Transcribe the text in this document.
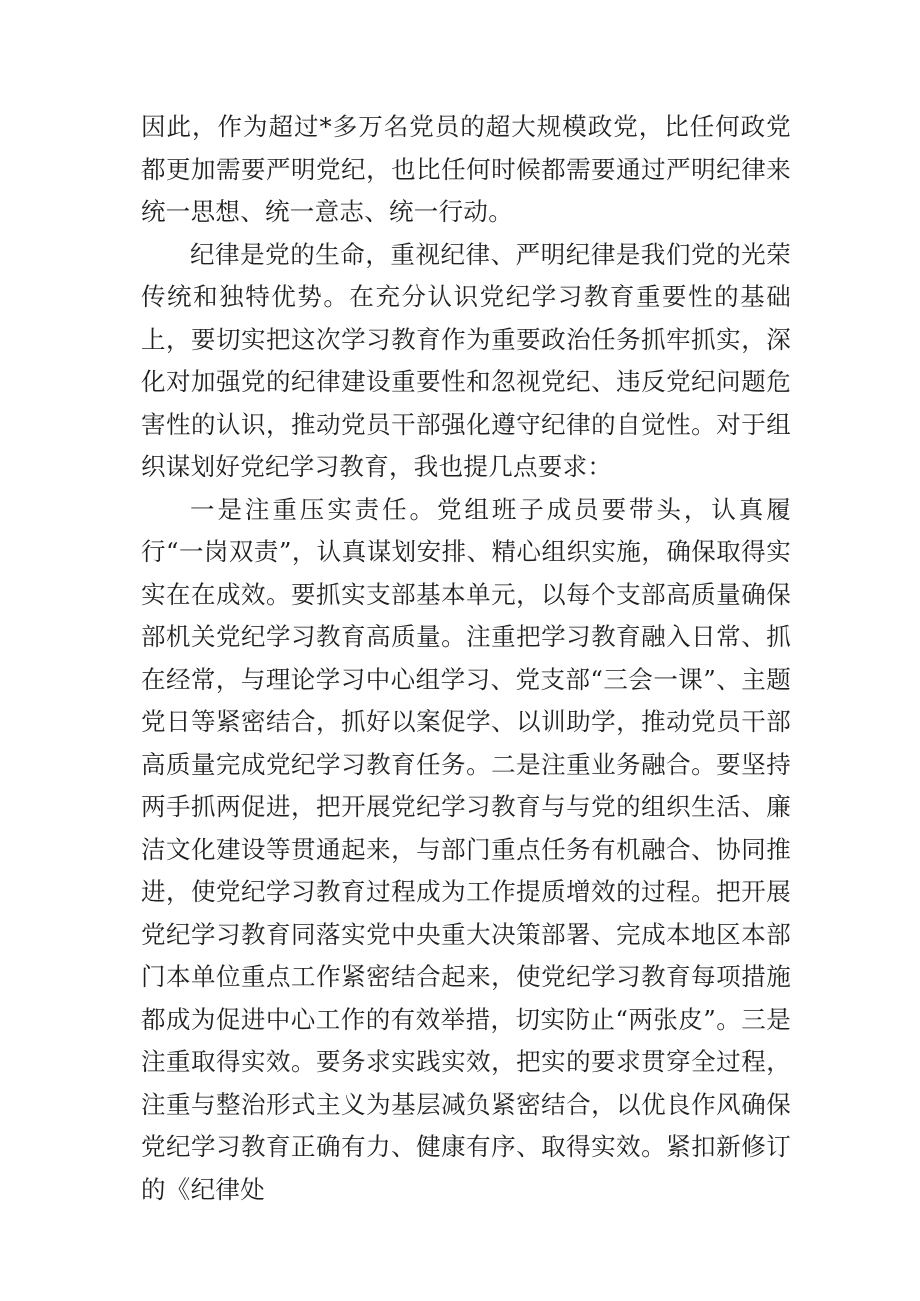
因此，作为超过*多万名党员的超大规模政党，比任何政党都更加需要严明党纪，也比任何时候都需要通过严明纪律来统一思想、统一意志、统一行动。

纪律是党的生命，重视纪律、严明纪律是我们党的光荣传统和独特优势。在充分认识党纪学习教育重要性的基础上，要切实把这次学习教育作为重要政治任务抓牢抓实，深化对加强党的纪律建设重要性和忽视党纪、违反党纪问题危害性的认识，推动党员干部强化遵守纪律的自觉性。对于组织谋划好党纪学习教育，我也提几点要求：

一是注重压实责任。党组班子成员要带头，认真履行“一岗双责”，认真谋划安排、精心组织实施，确保取得实实在在成效。要抓实支部基本单元，以每个支部高质量确保部机关党纪学习教育高质量。注重把学习教育融入日常、抓在经常，与理论学习中心组学习、党支部“三会一课”、主题党日等紧密结合，抓好以案促学、以训助学，推动党员干部高质量完成党纪学习教育任务。二是注重业务融合。要坚持两手抓两促进，把开展党纪学习教育与与党的组织生活、廉洁文化建设等贯通起来，与部门重点任务有机融合、协同推进，使党纪学习教育过程成为工作提质增效的过程。把开展党纪学习教育同落实党中央重大决策部署、完成本地区本部门本单位重点工作紧密结合起来，使党纪学习教育每项措施都成为促进中心工作的有效举措，切实防止“两张皮”。三是注重取得实效。要务求实践实效，把实的要求贯穿全过程，注重与整治形式主义为基层减负紧密结合，以优良作风确保党纪学习教育正确有力、健康有序、取得实效。紧扣新修订的《纪律处
